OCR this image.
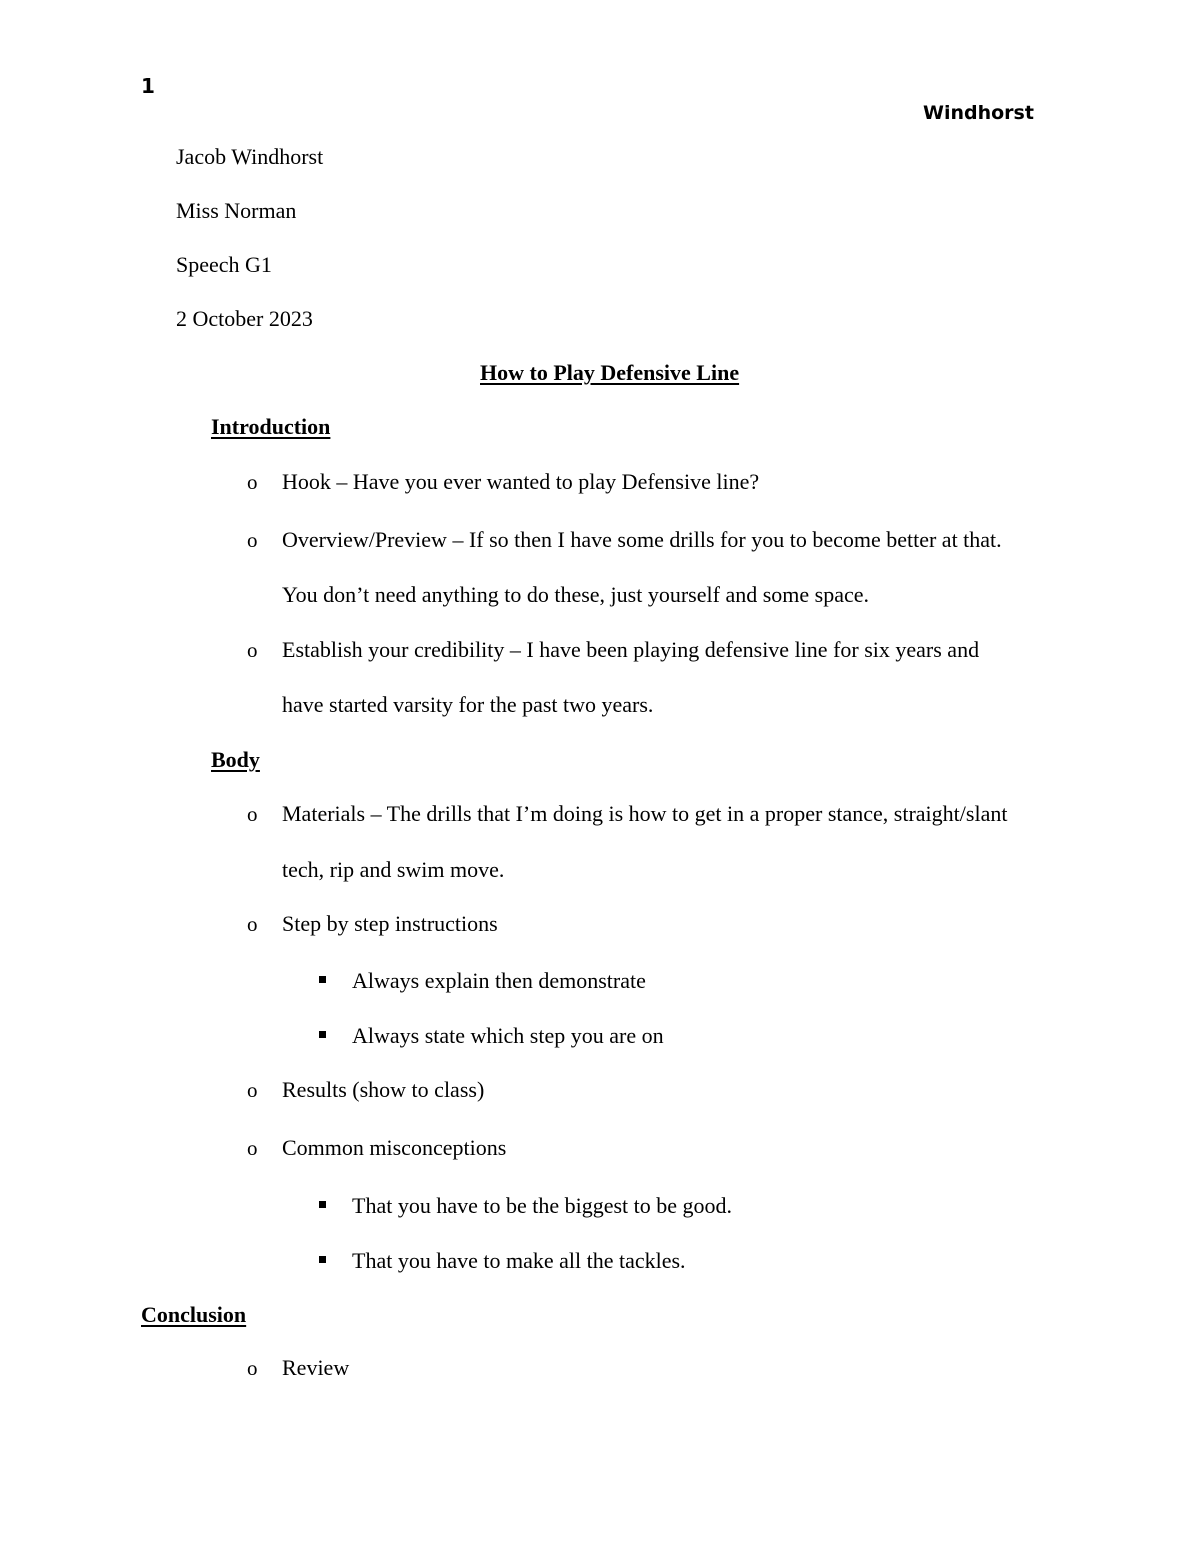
1
Windhorst
Jacob Windhorst
Miss Norman
Speech G1
2 October 2023
How to Play Defensive Line
Introduction
o Hook – Have you ever wanted to play Defensive line?
o Overview/Preview – If so then I have some drills for you to become better at that.
You don’t need anything to do these, just yourself and some space.
o Establish your credibility – I have been playing defensive line for six years and
have started varsity for the past two years.
Body
o Materials – The drills that I’m doing is how to get in a proper stance, straight/slant
tech, rip and swim move.
o Step by step instructions
Always explain then demonstrate
Always state which step you are on
o Results (show to class)
o Common misconceptions
That you have to be the biggest to be good.
That you have to make all the tackles.
Conclusion
o Review
